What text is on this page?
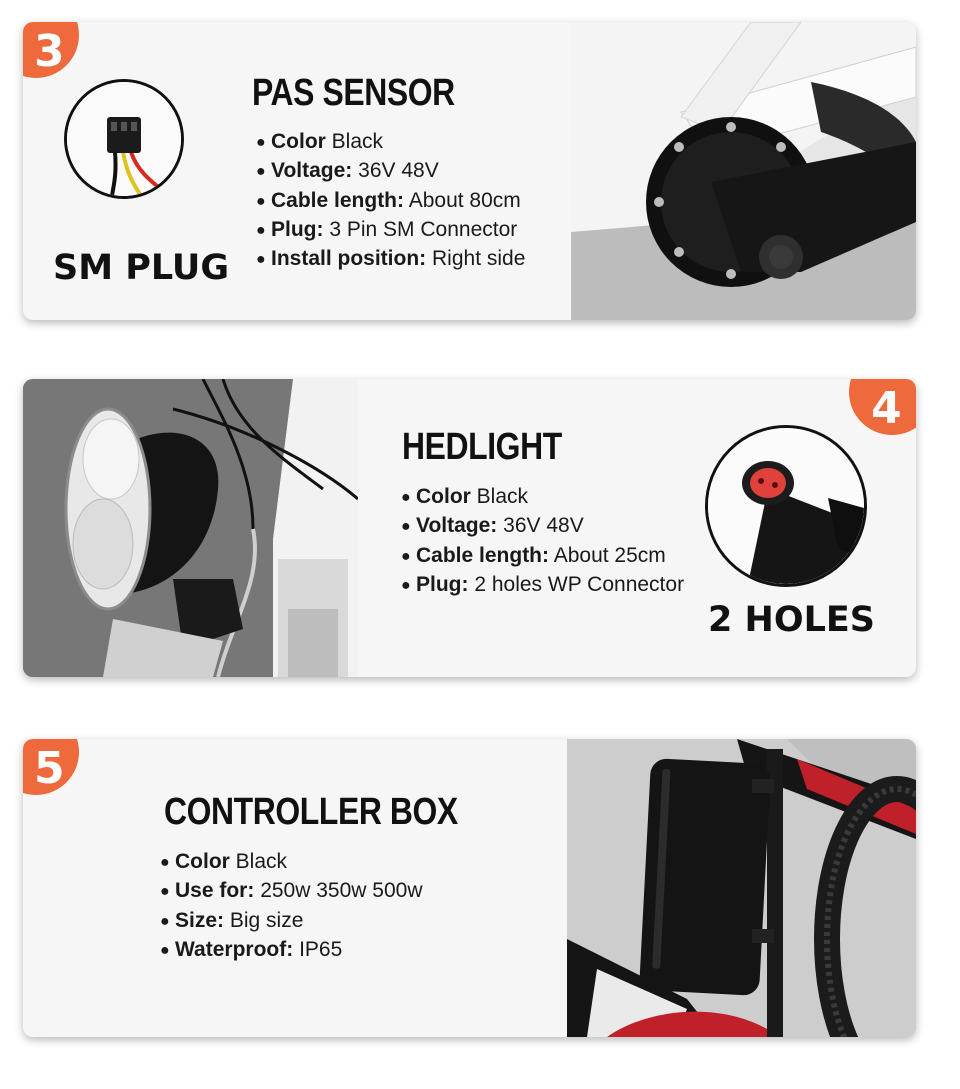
3
SM PLUG
PAS SENSOR
● Color Black
● Voltage: 36V 48V
● Cable length: About 80cm
● Plug: 3 Pin SM Connector
● Install position: Right side
4
HEDLIGHT
● Color Black
● Voltage: 36V 48V
● Cable length: About 25cm
● Plug: 2 holes WP Connector
2 HOLES
5
CONTROLLER BOX
● Color Black
● Use for: 250w 350w 500w
● Size: Big size
● Waterproof: IP65
